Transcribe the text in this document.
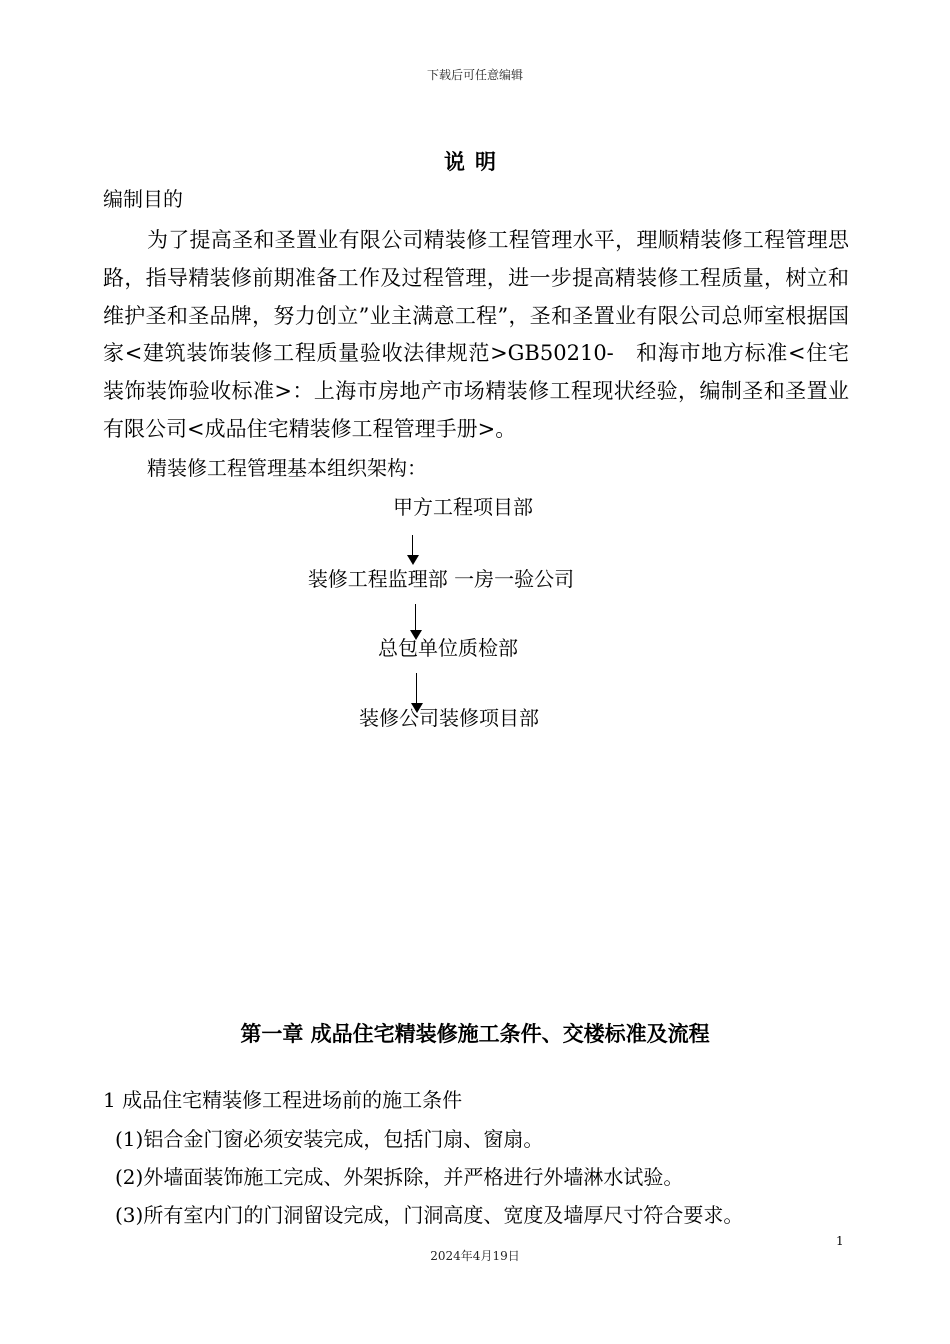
下载后可任意编辑
说明
编制目的
为了提高圣和圣置业有限公司精装修工程管理水平，理顺精装修工程管理思路，指导精装修前期准备工作及过程管理，进一步提高精装修工程质量，树立和维护圣和圣品牌，努力创立”业主满意工程”，圣和圣置业有限公司总师室根据国家<建筑装饰装修工程质量验收法律规范>GB50210-　和海市地方标准<住宅装饰装饰验收标准>：上海市房地产市场精装修工程现状经验，编制圣和圣置业有限公司<成品住宅精装修工程管理手册>。
精装修工程管理基本组织架构：
甲方工程项目部
装修工程监理部 一房一验公司
总包单位质检部
装修公司装修项目部
第一章 成品住宅精装修施工条件、交楼标准及流程
1 成品住宅精装修工程进场前的施工条件
(1)铝合金门窗必须安装完成，包括门扇、窗扇。
(2)外墙面装饰施工完成、外架拆除，并严格进行外墙淋水试验。
(3)所有室内门的门洞留设完成，门洞高度、宽度及墙厚尺寸符合要求。
1
2024年4月19日
